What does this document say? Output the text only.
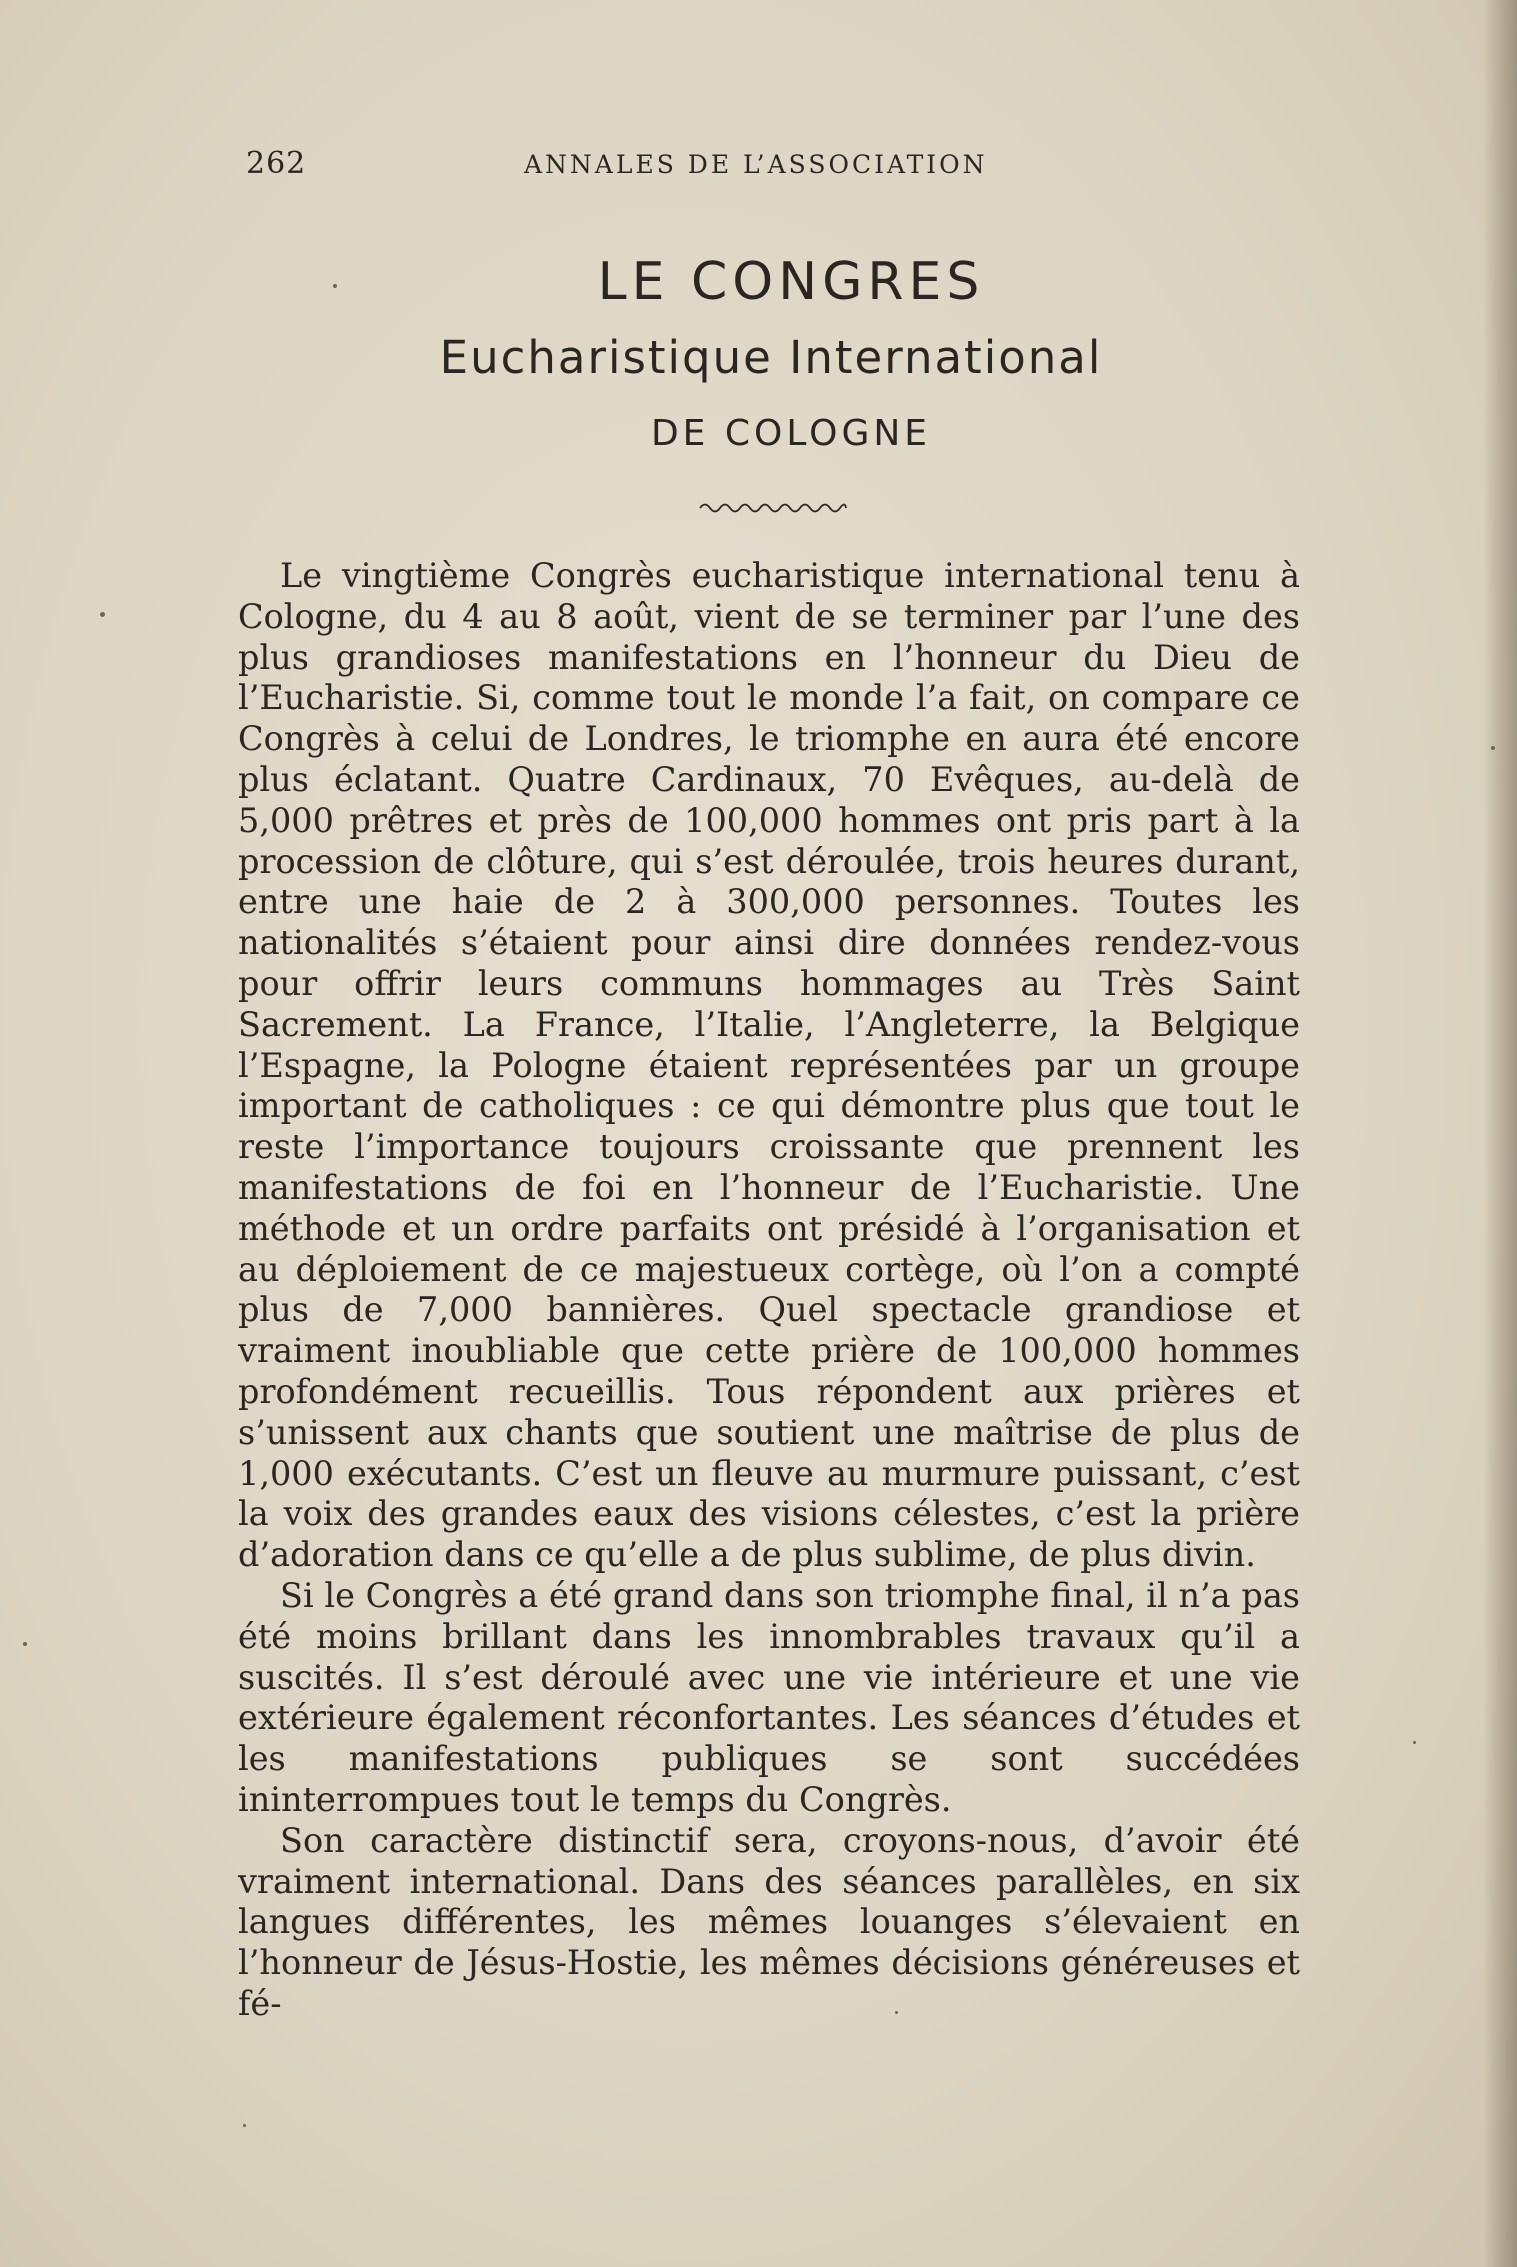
262	ANNALES DE L’ASSOCIATION
LE CONGRES
Eucharistique International
DE COLOGNE

Le vingtième Congrès eucharistique international tenu à Cologne, du 4 au 8 août, vient de se terminer par l’une des plus grandioses manifestations en l’honneur du Dieu de l’Eucharistie. Si, comme tout le monde l’a fait, on compare ce Congrès à celui de Londres, le triomphe en aura été encore plus éclatant. Quatre Cardinaux, 70 Evêques, au-delà de 5,000 prêtres et près de 100,000 hommes ont pris part à la procession de clôture, qui s’est déroulée, trois heures durant, entre une haie de 2 à 300,000 personnes. Toutes les nationalités s’étaient pour ainsi dire données rendez-vous pour offrir leurs communs hommages au Très Saint Sacrement. La France, l’Italie, l’Angleterre, la Belgique l’Espagne, la Pologne étaient représentées par un groupe important de catholiques : ce qui démontre plus que tout le reste l’importance toujours croissante que prennent les manifestations de foi en l’honneur de l’Eucharistie. Une méthode et un ordre parfaits ont présidé à l’organisation et au déploiement de ce majestueux cortège, où l’on a compté plus de 7,000 bannières. Quel spectacle grandiose et vraiment inoubliable que cette prière de 100,000 hommes profondément recueillis. Tous répondent aux prières et s’unissent aux chants que soutient une maîtrise de plus de 1,000 exécutants. C’est un fleuve au murmure puissant, c’est la voix des grandes eaux des visions célestes, c’est la prière d’adoration dans ce qu’elle a de plus sublime, de plus divin.

Si le Congrès a été grand dans son triomphe final, il n’a pas été moins brillant dans les innombrables travaux qu’il a suscités. Il s’est déroulé avec une vie intérieure et une vie extérieure également réconfortantes. Les séances d’études et les manifestations publiques se sont succédées ininterrompues tout le temps du Congrès.

Son caractère distinctif sera, croyons-nous, d’avoir été vraiment international. Dans des séances parallèles, en six langues différentes, les mêmes louanges s’élevaient en l’honneur de Jésus-Hostie, les mêmes décisions généreuses et fé-
